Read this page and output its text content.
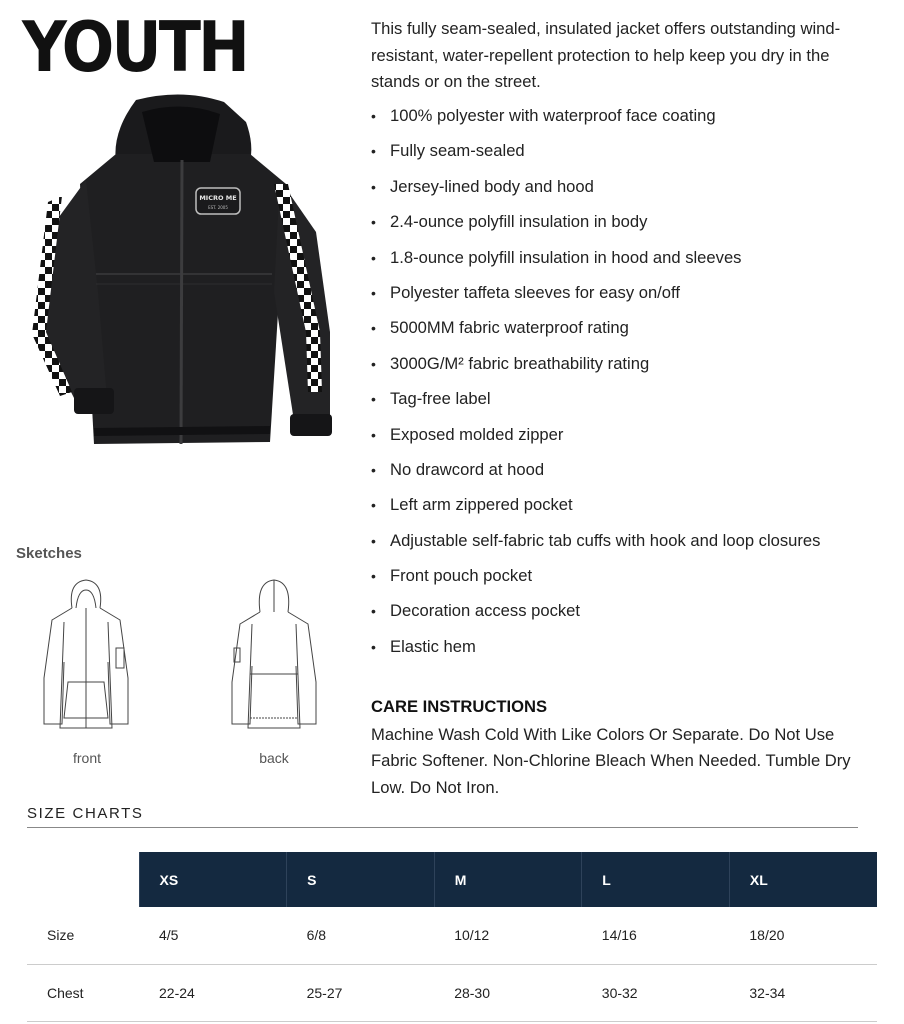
YOUTH
MICRO ME
EST. 2005
Sketches
front	back

This fully seam-sealed, insulated jacket offers outstanding wind-resistant, water-repellent protection to help keep you dry in the stands or on the street.

• 100% polyester with waterproof face coating
• Fully seam-sealed
• Jersey-lined body and hood
• 2.4-ounce polyfill insulation in body
• 1.8-ounce polyfill insulation in hood and sleeves
• Polyester taffeta sleeves for easy on/off
• 5000MM fabric waterproof rating
• 3000G/M² fabric breathability rating
• Tag-free label
• Exposed molded zipper
• No drawcord at hood
• Left arm zippered pocket
• Adjustable self-fabric tab cuffs with hook and loop closures
• Front pouch pocket
• Decoration access pocket
• Elastic hem
CARE INSTRUCTIONS

Machine Wash Cold With Like Colors Or Separate. Do Not Use Fabric Softener. Non-Chlorine Bleach When Needed. Tumble Dry Low. Do Not Iron.

SIZE CHARTS
	XS	S	M	L	XL
Size	4/5	6/8	10/12	14/16	18/20
Chest	22-24	25-27	28-30	30-32	32-34
